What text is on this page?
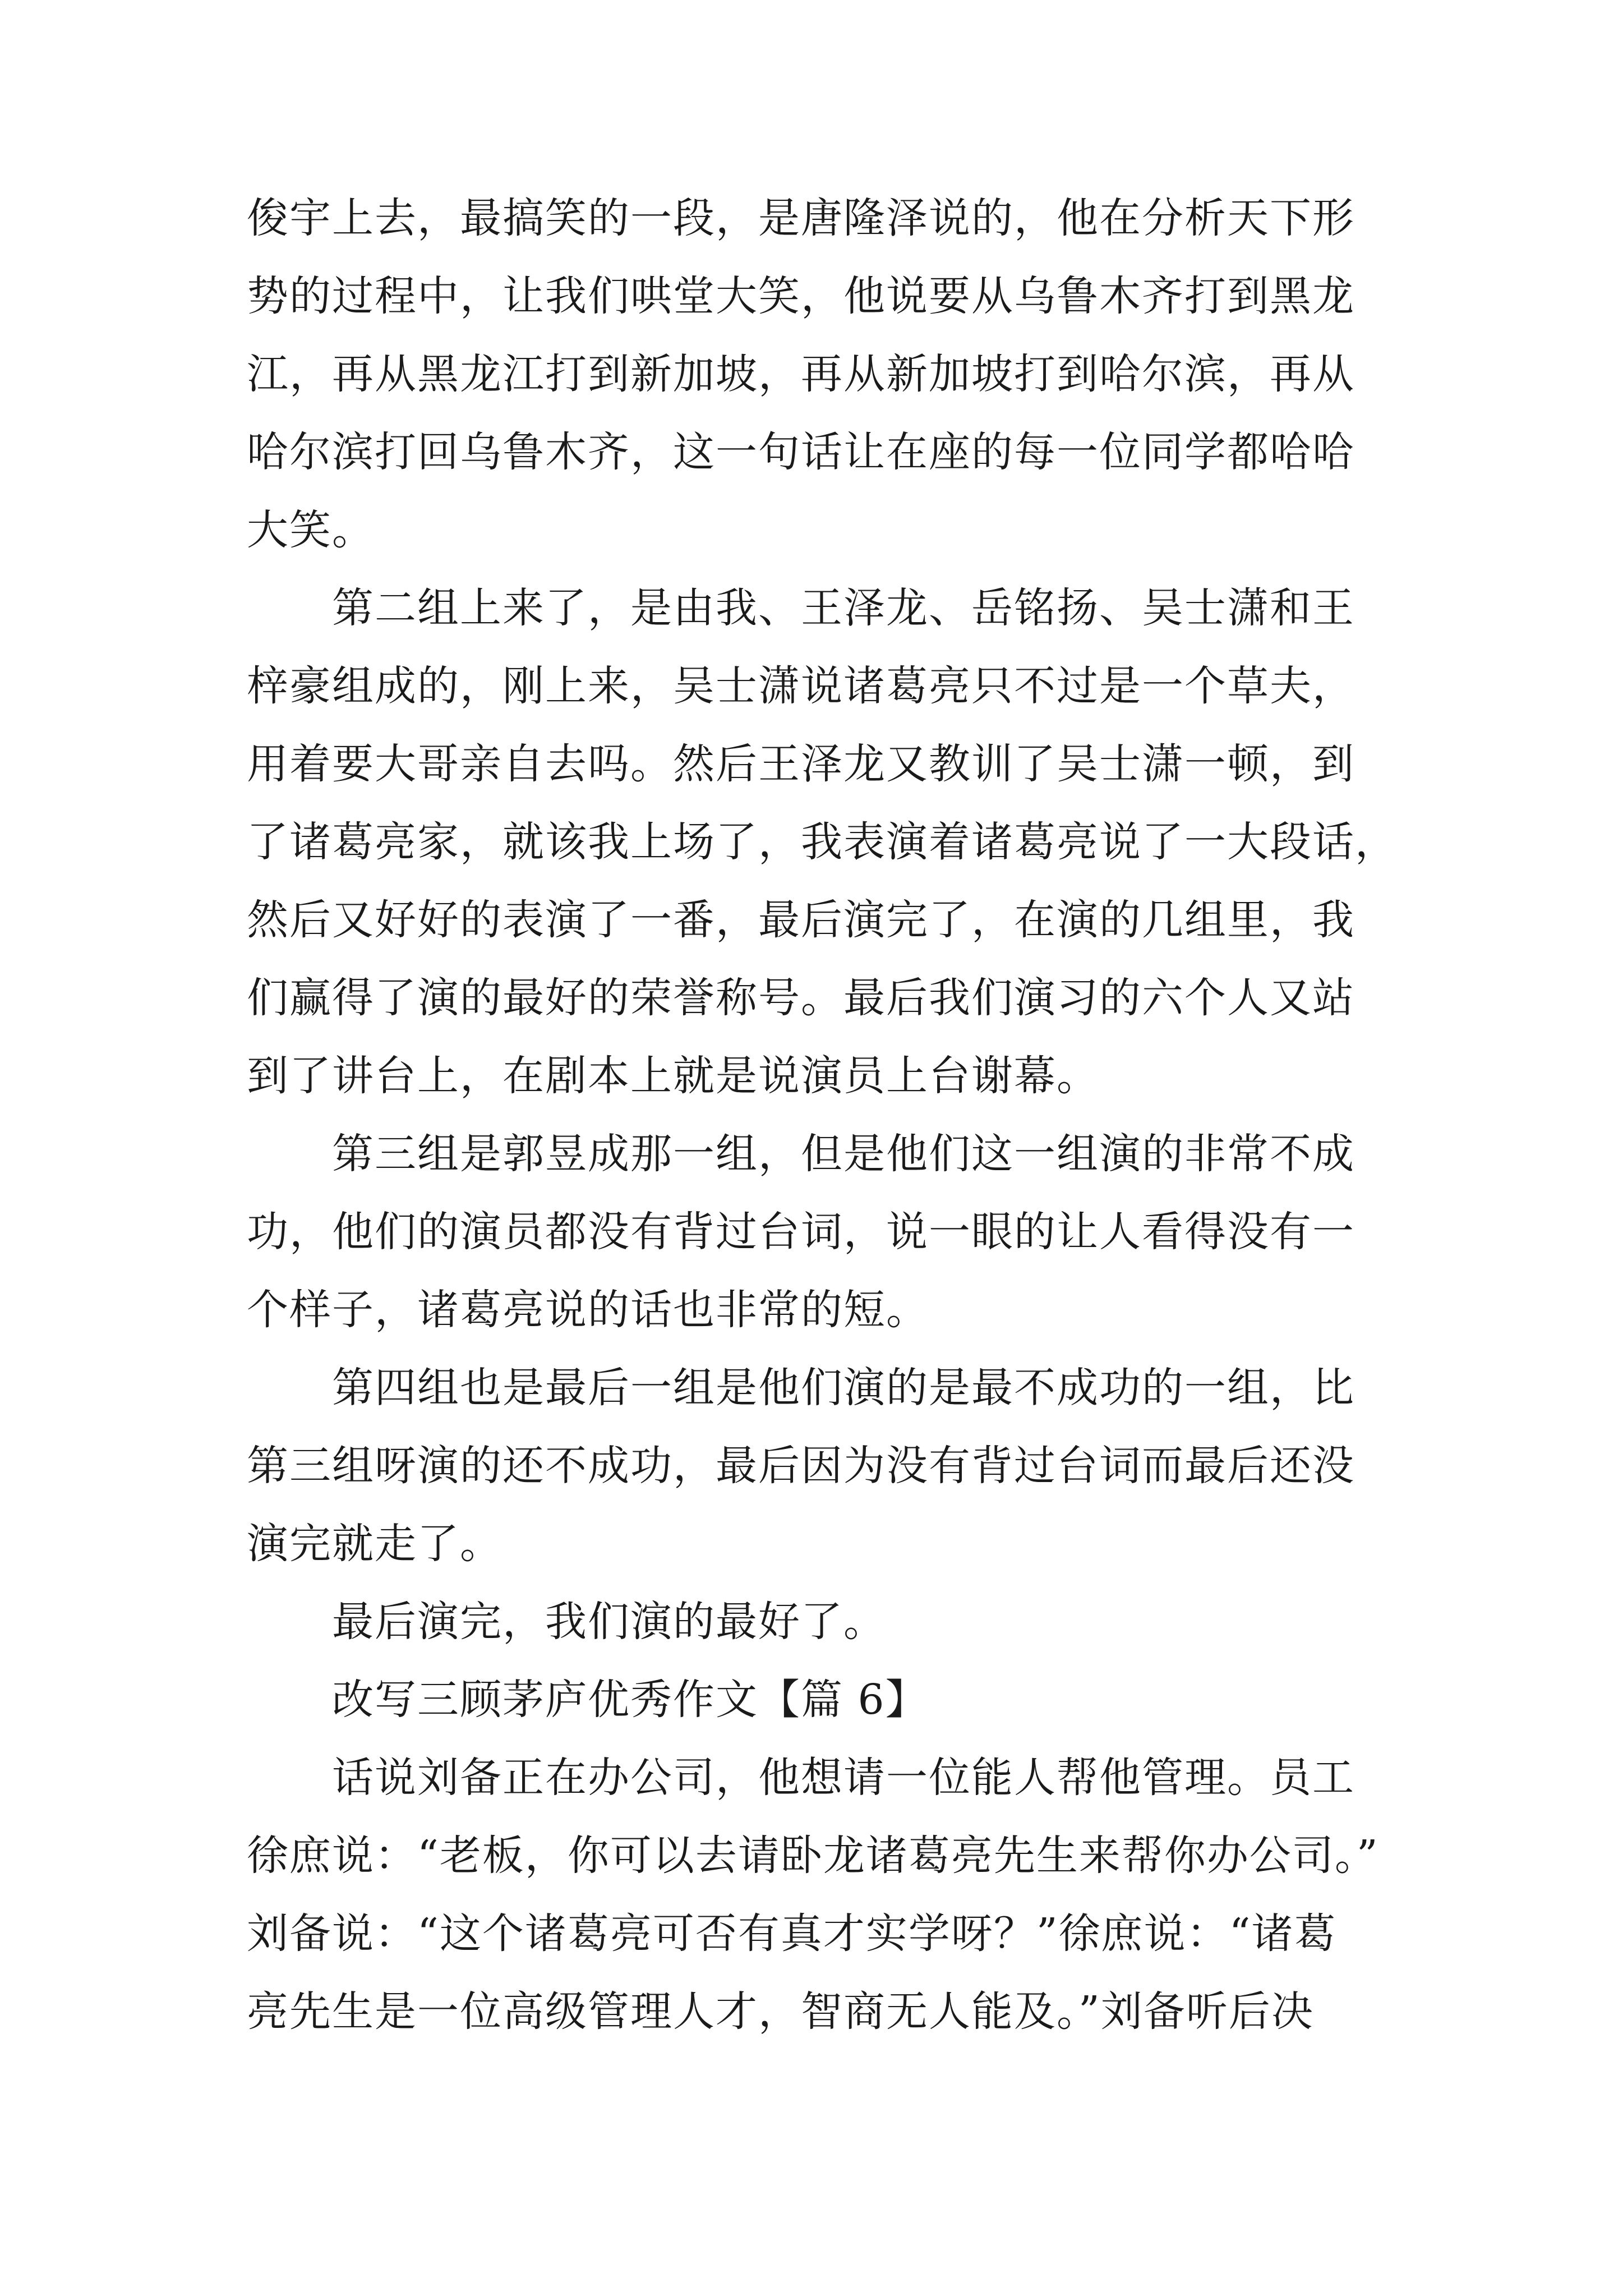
俊宇上去，最搞笑的一段，是唐隆泽说的，他在分析天下形
势的过程中，让我们哄堂大笑，他说要从乌鲁木齐打到黑龙
江，再从黑龙江打到新加坡，再从新加坡打到哈尔滨，再从
哈尔滨打回乌鲁木齐，这一句话让在座的每一位同学都哈哈
大笑。
第二组上来了，是由我、王泽龙、岳铭扬、吴士潇和王
梓豪组成的，刚上来，吴士潇说诸葛亮只不过是一个草夫，
用着要大哥亲自去吗。然后王泽龙又教训了吴士潇一顿，到
了诸葛亮家，就该我上场了，我表演着诸葛亮说了一大段话，
然后又好好的表演了一番，最后演完了，在演的几组里，我
们赢得了演的最好的荣誉称号。最后我们演习的六个人又站
到了讲台上，在剧本上就是说演员上台谢幕。
第三组是郭昱成那一组，但是他们这一组演的非常不成
功，他们的演员都没有背过台词，说一眼的让人看得没有一
个样子，诸葛亮说的话也非常的短。
第四组也是最后一组是他们演的是最不成功的一组，比
第三组呀演的还不成功，最后因为没有背过台词而最后还没
演完就走了。
最后演完，我们演的最好了。
改写三顾茅庐优秀作文【篇 6】
话说刘备正在办公司，他想请一位能人帮他管理。员工
徐庶说：“老板，你可以去请卧龙诸葛亮先生来帮你办公司。”
刘备说：“这个诸葛亮可否有真才实学呀？”徐庶说：“诸葛
亮先生是一位高级管理人才，智商无人能及。”刘备听后决
